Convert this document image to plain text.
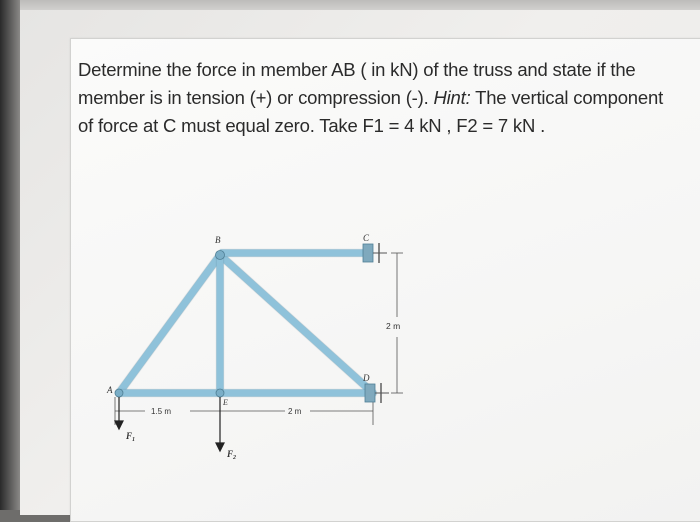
Determine the force in member AB ( in kN) of the truss and state if the member is in tension (+) or compression (-). Hint: The vertical component of force at C must equal zero. Take F1 = 4 kN , F2 = 7 kN .
A
B	C
D
E
1.5 m	2 m
2 m
$F_1$
$F_2$
